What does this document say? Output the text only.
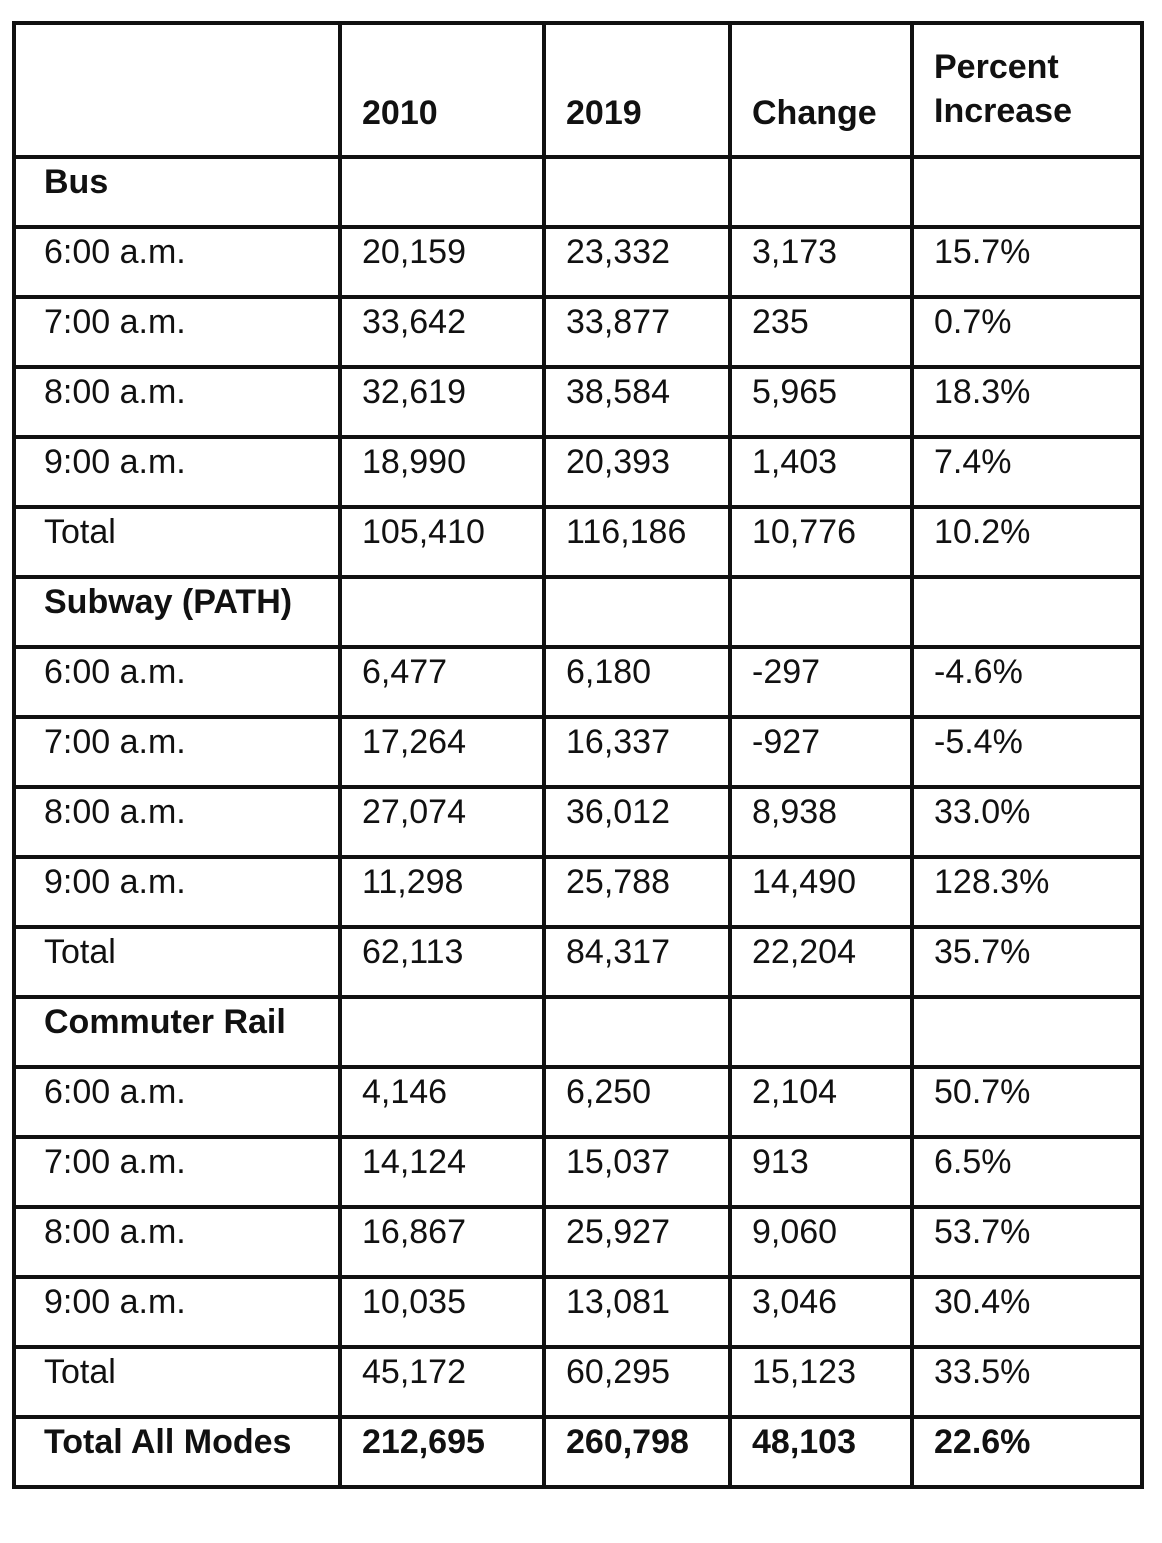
	2010	2019	Change	Percent Increase
Bus				
6:00 a.m.	20,159	23,332	3,173	15.7%
7:00 a.m.	33,642	33,877	235	0.7%
8:00 a.m.	32,619	38,584	5,965	18.3%
9:00 a.m.	18,990	20,393	1,403	7.4%
Total	105,410	116,186	10,776	10.2%
Subway (PATH)				
6:00 a.m.	6,477	6,180	-297	-4.6%
7:00 a.m.	17,264	16,337	-927	-5.4%
8:00 a.m.	27,074	36,012	8,938	33.0%
9:00 a.m.	11,298	25,788	14,490	128.3%
Total	62,113	84,317	22,204	35.7%
Commuter Rail				
6:00 a.m.	4,146	6,250	2,104	50.7%
7:00 a.m.	14,124	15,037	913	6.5%
8:00 a.m.	16,867	25,927	9,060	53.7%
9:00 a.m.	10,035	13,081	3,046	30.4%
Total	45,172	60,295	15,123	33.5%
Total All Modes	212,695	260,798	48,103	22.6%
